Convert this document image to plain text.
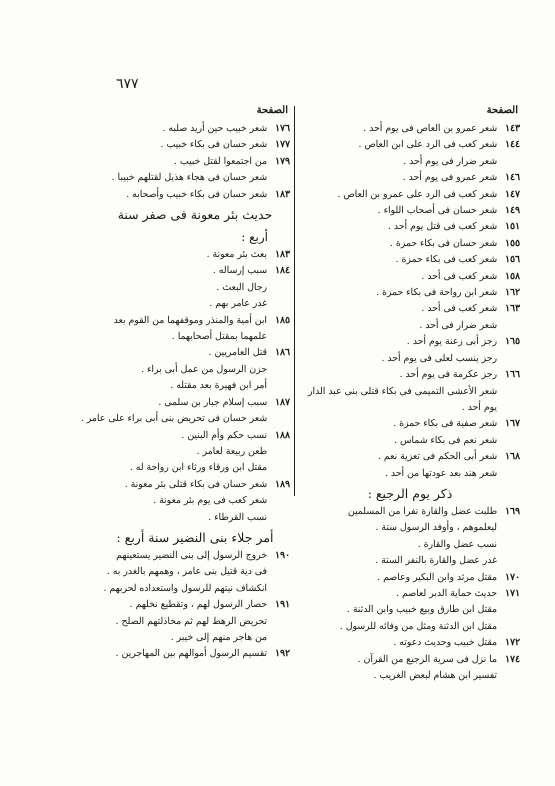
٦٧٧
الصفحة
١٤٣
شعر عمرو بن العاص فى يوم أحد .
١٤٤
شعر كعب فى الرد على ابن العاص .
شعر ضرار فى يوم أحد .
١٤٦
شعر عمرو فى يوم أحد .
١٤٧
شعر كعب فى الرد على عمرو بن العاص .
١٤٩
شعر حسان فى أصحاب اللواء .
١٥١
شعر كعب فى قتل يوم أحد .
١٥٥
شعر حسان فى بكاء حمزة .
١٥٦
شعر كعب فى بكاء حمزة .
١٥٨
شعر كعب فى أحد .
١٦٢
شعر ابن رواحة فى بكاء حمزة .
١٦٣
شعر كعب فى أحد .
شعر ضرار فى أحد .
١٦٥
رجز أبى زعنة يوم أحد .
رجز ينسب لعلى فى يوم أحد .
١٦٦
رجز عكرمة فى يوم أحد .
شعر الأعشى التميمى فى بكاء قتلى بنى عبد الدار
يوم أحد .
١٦٧
شعر صفية فى بكاء حمزة .
شعر نعم فى بكاء شماس .
١٦٨
شعر أبى الحكم فى تعزية نعم .
شعر هند بعد عودتها من أحد .
ذكر يوم الرجيع :
١٦٩
طلبت عضل والقارة نفرا من المسلمين
ليعلموهم ، وأوفد الرسول ستة .
نسب عضل والقارة .
غدر عضل والقارة بالنفر الستة .
١٧٠
مقتل مرثد وابن البكير وعاصم .
١٧١
حديث حماية الدبر لعاصم .
مقتل ابن طارق وبيع خبيب وابن الدثنة .
مقتل ابن الدثنة ومثل من وفائه للرسول .
١٧٢
مقتل خبيب وحديث دعوته .
١٧٤
ما نزل فى سرية الرجيع من القرآن .
تفسير ابن هشام لبعض الغريب .
الصفحة
١٧٦
شعر خبيب حين أريد صلبه .
١٧٧
شعر حسان فى بكاء خبيب .
١٧٩
من اجتمعوا لقتل خبيب .
شعر حسان فى هجاء هذيل لقتلهم خبيبا .
١٨٣
شعر حسان فى بكاء خبيب وأصحابه .
حديث بئر معونة فى صفر سنة
أربع :
١٨٣
بعث بئر معونة .
١٨٤
سبب إرساله .
رجال البعث .
غدر عامر بهم .
١٨٥
ابن أمية والمنذر وموقفهما من القوم بعد
علمهما بمقتل أصحابهما .
١٨٦
قتل العامريين .
حزن الرسول من عمل أبى براء .
أمر ابن فهيرة بعد مقتله .
١٨٧
سبب إسلام جبار بن سلمى .
شعر حسان فى تحريض بنى أبى براء على عامر .
١٨٨
نسب حكم وأم البنين .
طعن ربيعة لعامر .
مقتل ابن ورقاء ورثاء ابن رواحة له .
١٨٩
شعر حسان فى بكاء قتلى بئر معونة .
شعر كعب فى يوم بئر معونة .
نسب القرطاء .
أمر جلاء بنى النضير سنة أربع :
١٩٠
خروج الرسول إلى بنى النضير يستعينهم
فى دية قتيل بنى عامر ، وهمهم بالغدر به .
انكشاف نيتهم للرسول واستعداده لحربهم .
١٩١
حصار الرسول لهم ، وتقطيع نخلهم .
تحريض الرهط لهم ثم مخاذلتهم الصلح .
من هاجر منهم إلى خيبر .
١٩٢
تقسيم الرسول أموالهم بين المهاجرين .
